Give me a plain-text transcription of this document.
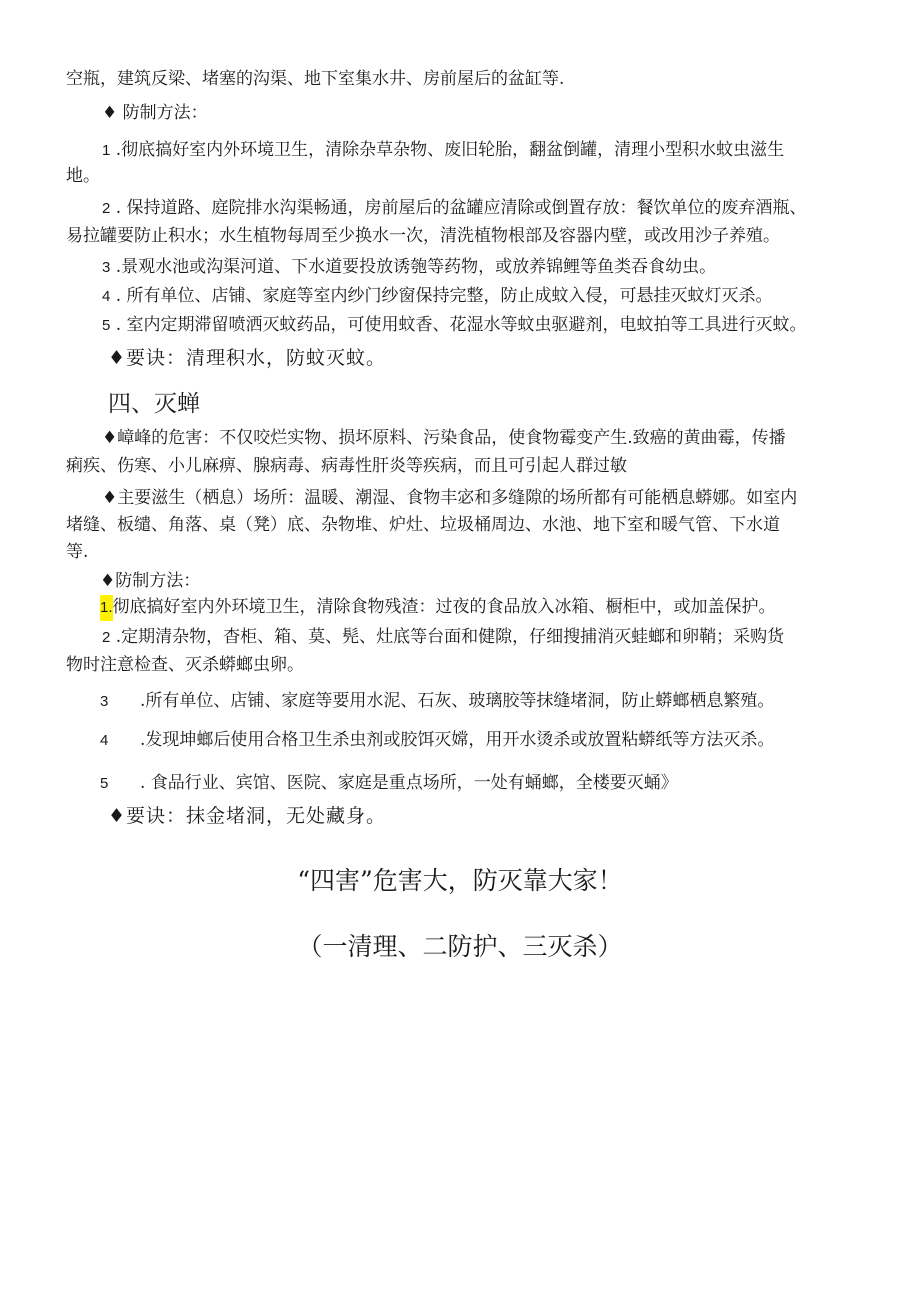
空瓶，建筑反梁、堵塞的沟渠、地下室集水井、房前屋后的盆缸等.
♦ 防制方法：
1 .彻底搞好室内外环境卫生，清除杂草杂物、废旧轮胎，翻盆倒罐，清理小型积水蚊虫滋生
地。
2 . 保持道路、庭院排水沟渠畅通，房前屋后的盆罐应清除或倒置存放：餐饮单位的废弃酒瓶、
易拉罐要防止积水；水生植物每周至少换水一次，清洗植物根部及容器内壁，或改用沙子养殖。
3 .景观水池或沟渠河道、下水道要投放诱匏等药物，或放养锦鲤等鱼类吞食幼虫。
4 . 所有单位、店铺、家庭等室内纱门纱窗保持完整，防止成蚊入侵，可悬挂灭蚊灯灭杀。
5 . 室内定期滞留喷洒灭蚊药品，可使用蚊香、花湿水等蚊虫驱避剂，电蚊拍等工具进行灭蚊。
♦要诀：清理积水，防蚊灭蚊。
四、灭蝉
♦嶂峰的危害：不仅咬烂实物、损坏原料、污染食品，使食物霉变产生.致癌的黄曲霉，传播
痢疾、伤寒、小儿麻痹、腺病毒、病毒性肝炎等疾病，而且可引起人群过敏
♦主要滋生（栖息）场所：温暖、潮湿、食物丰宓和多缝隙的场所都有可能栖息蟒娜。如室内
堵缝、板缱、角落、桌（凳）底、杂物堆、炉灶、垃圾桶周边、水池、地下室和暖气管、下水道
等.
♦防制方法：
1.彻底搞好室内外环境卫生，清除食物残渣：过夜的食品放入冰箱、橱柜中，或加盖保护。
2 .定期清杂物，杳柜、箱、莫、髡、灶底等台面和健隙，仔细搜捕消灭蛙螂和卵鞘；采购货
物时注意检查、灭杀蟒螂虫卵。
3 .所有单位、店铺、家庭等要用水泥、石灰、玻璃胶等抹缝堵洞，防止蟒螂栖息繁殖。
4 .发现坤螂后使用合格卫生杀虫剂或胶饵灭嫦，用开水烫杀或放置粘蟒纸等方法灭杀。
5 . 食品行业、宾馆、医院、家庭是重点场所，一处有蛹螂，全楼要灭蛹》
♦要诀：抹金堵洞，无处藏身。
“四害”危害大，防灭靠大家！
（一清理、二防护、三灭杀）
